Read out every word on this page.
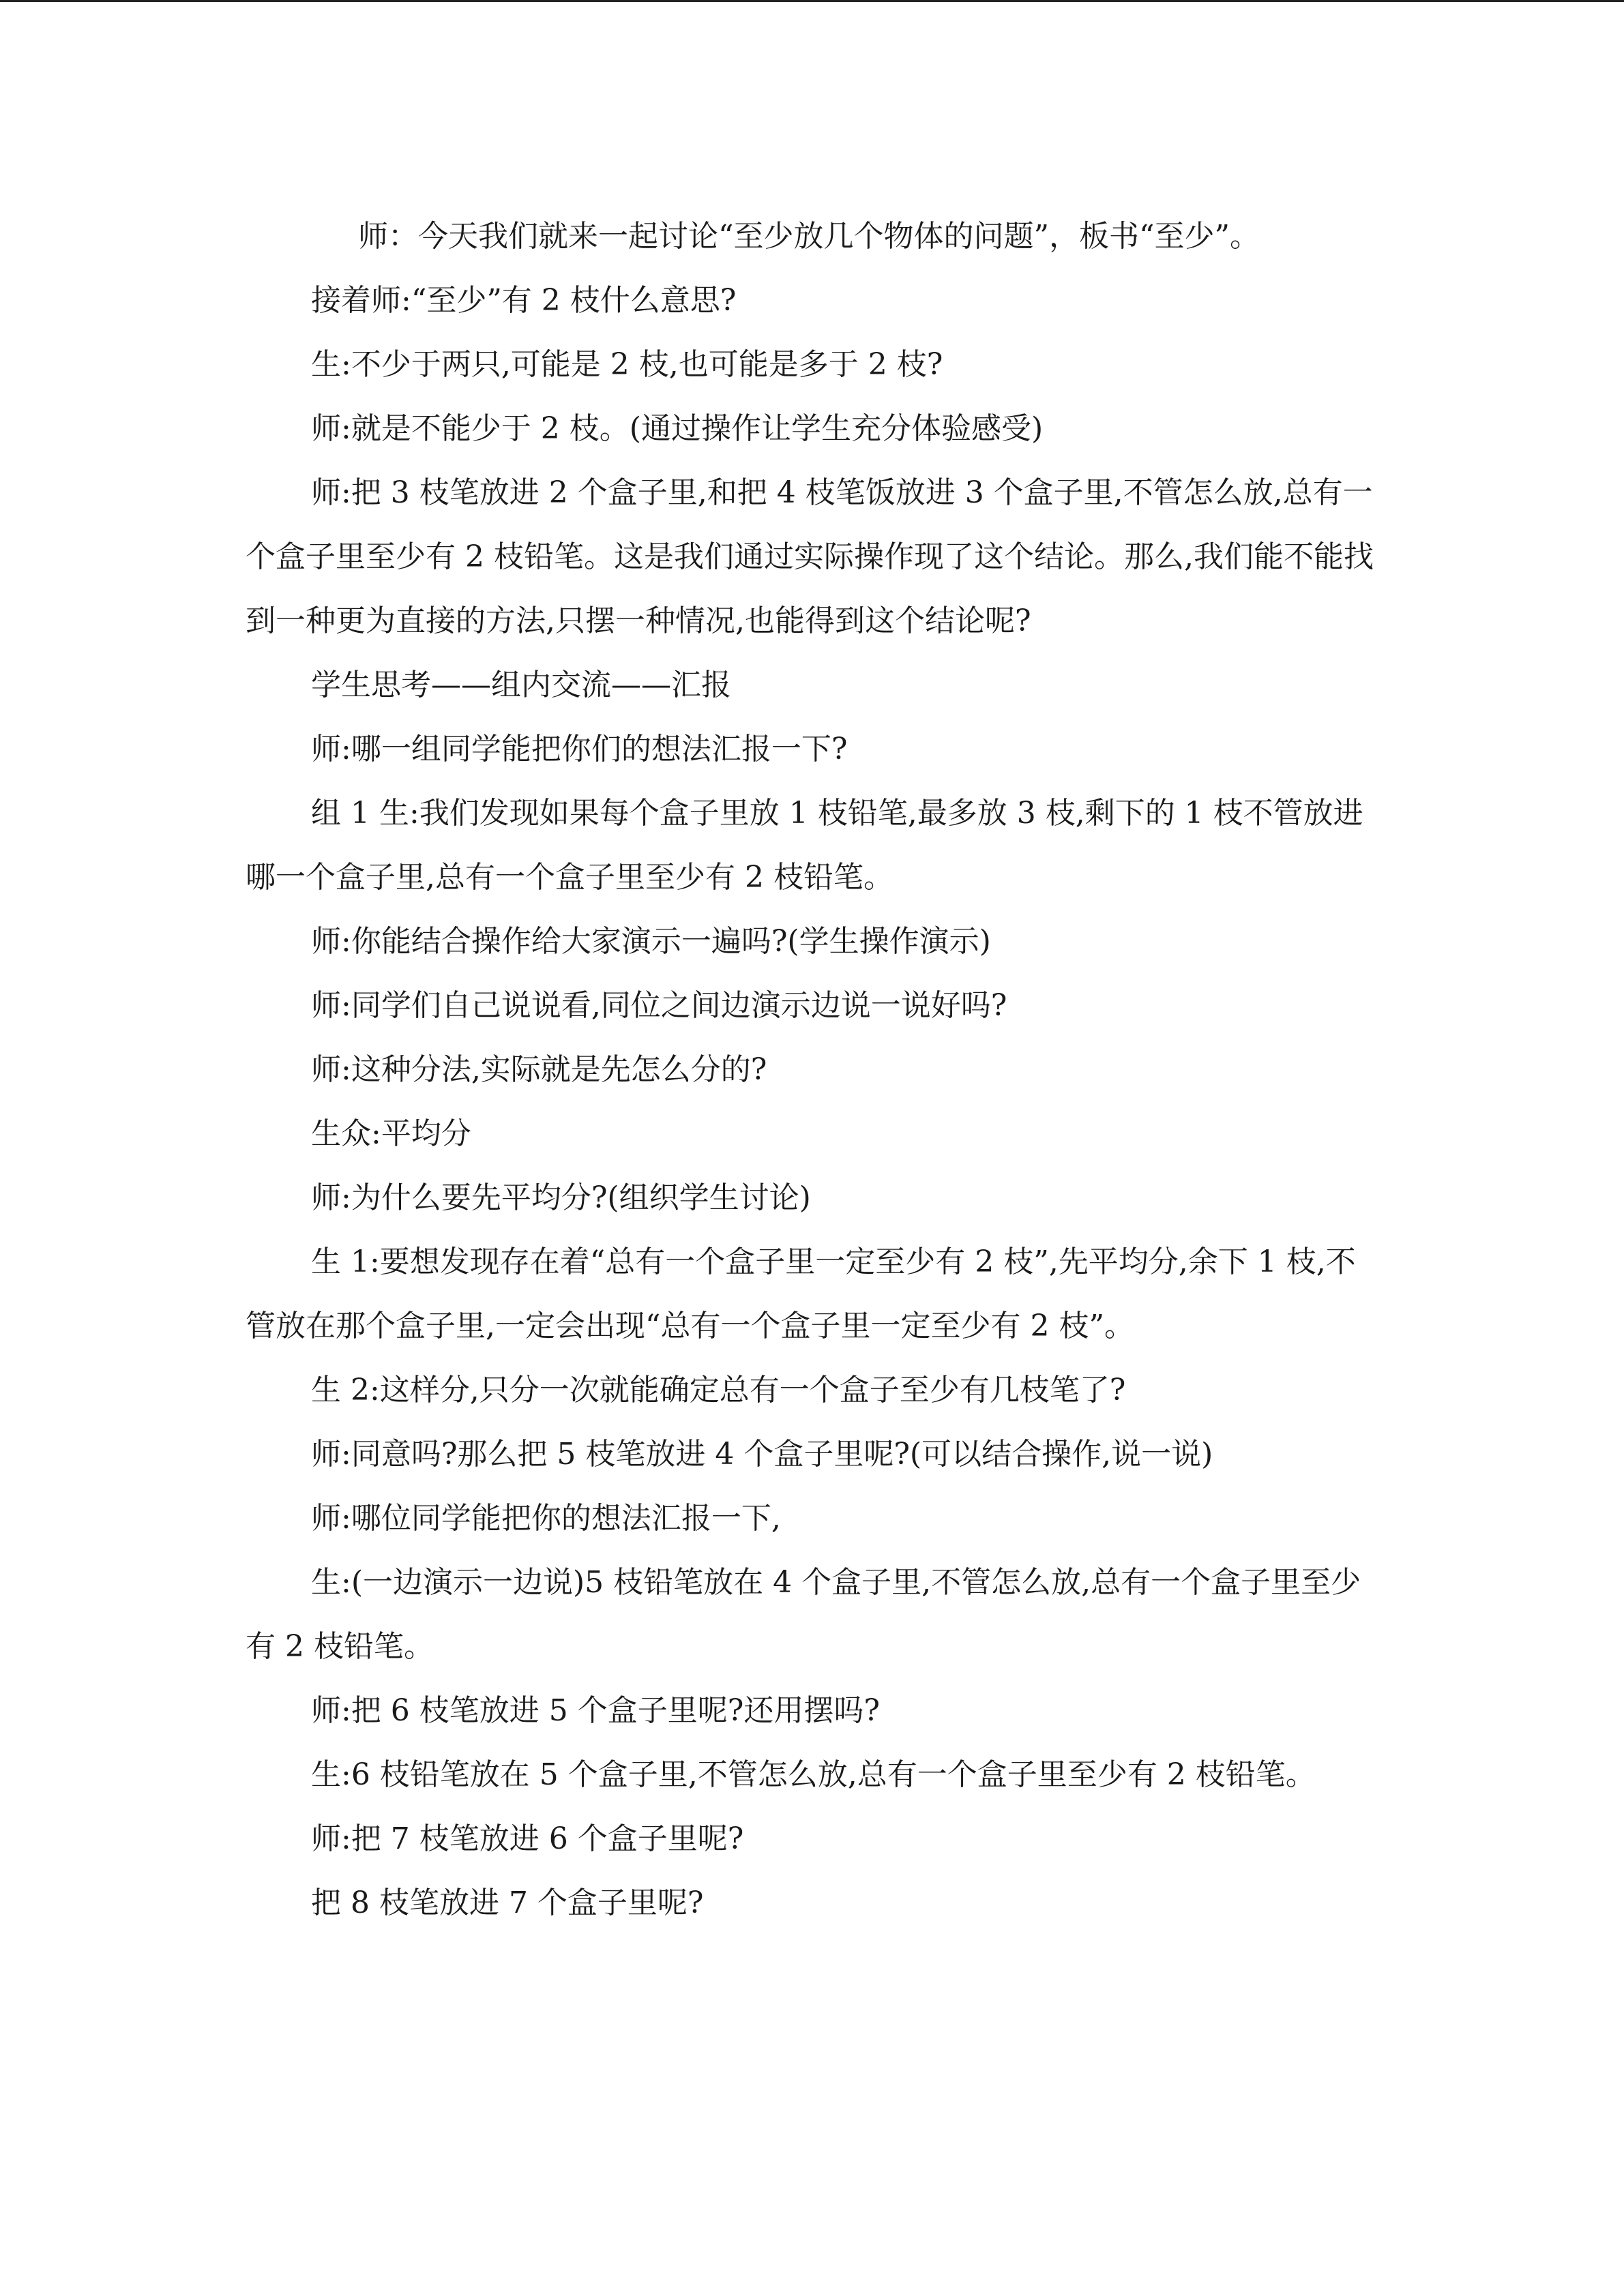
师：今天我们就来一起讨论“至少放几个物体的问题”，板书“至少”。

接着师:“至少”有 2 枝什么意思?

生:不少于两只,可能是 2 枝,也可能是多于 2 枝?

师:就是不能少于 2 枝。(通过操作让学生充分体验感受)

师:把 3 枝笔放进 2 个盒子里,和把 4 枝笔饭放进 3 个盒子里,不管怎么放,总有一个盒子里至少有 2 枝铅笔。这是我们通过实际操作现了这个结论。那么,我们能不能找到一种更为直接的方法,只摆一种情况,也能得到这个结论呢?

学生思考——组内交流——汇报

师:哪一组同学能把你们的想法汇报一下?

组 1 生:我们发现如果每个盒子里放 1 枝铅笔,最多放 3 枝,剩下的 1 枝不管放进哪一个盒子里,总有一个盒子里至少有 2 枝铅笔。

师:你能结合操作给大家演示一遍吗?(学生操作演示)

师:同学们自己说说看,同位之间边演示边说一说好吗?

师:这种分法,实际就是先怎么分的?

生众:平均分

师:为什么要先平均分?(组织学生讨论)

生 1:要想发现存在着“总有一个盒子里一定至少有 2 枝”,先平均分,余下 1 枝,不管放在那个盒子里,一定会出现“总有一个盒子里一定至少有 2 枝”。

生 2:这样分,只分一次就能确定总有一个盒子至少有几枝笔了?

师:同意吗?那么把 5 枝笔放进 4 个盒子里呢?(可以结合操作,说一说)

师:哪位同学能把你的想法汇报一下,

生:(一边演示一边说)5 枝铅笔放在 4 个盒子里,不管怎么放,总有一个盒子里至少有 2 枝铅笔。

师:把 6 枝笔放进 5 个盒子里呢?还用摆吗?

生:6 枝铅笔放在 5 个盒子里,不管怎么放,总有一个盒子里至少有 2 枝铅笔。

师:把 7 枝笔放进 6 个盒子里呢?

把 8 枝笔放进 7 个盒子里呢?
